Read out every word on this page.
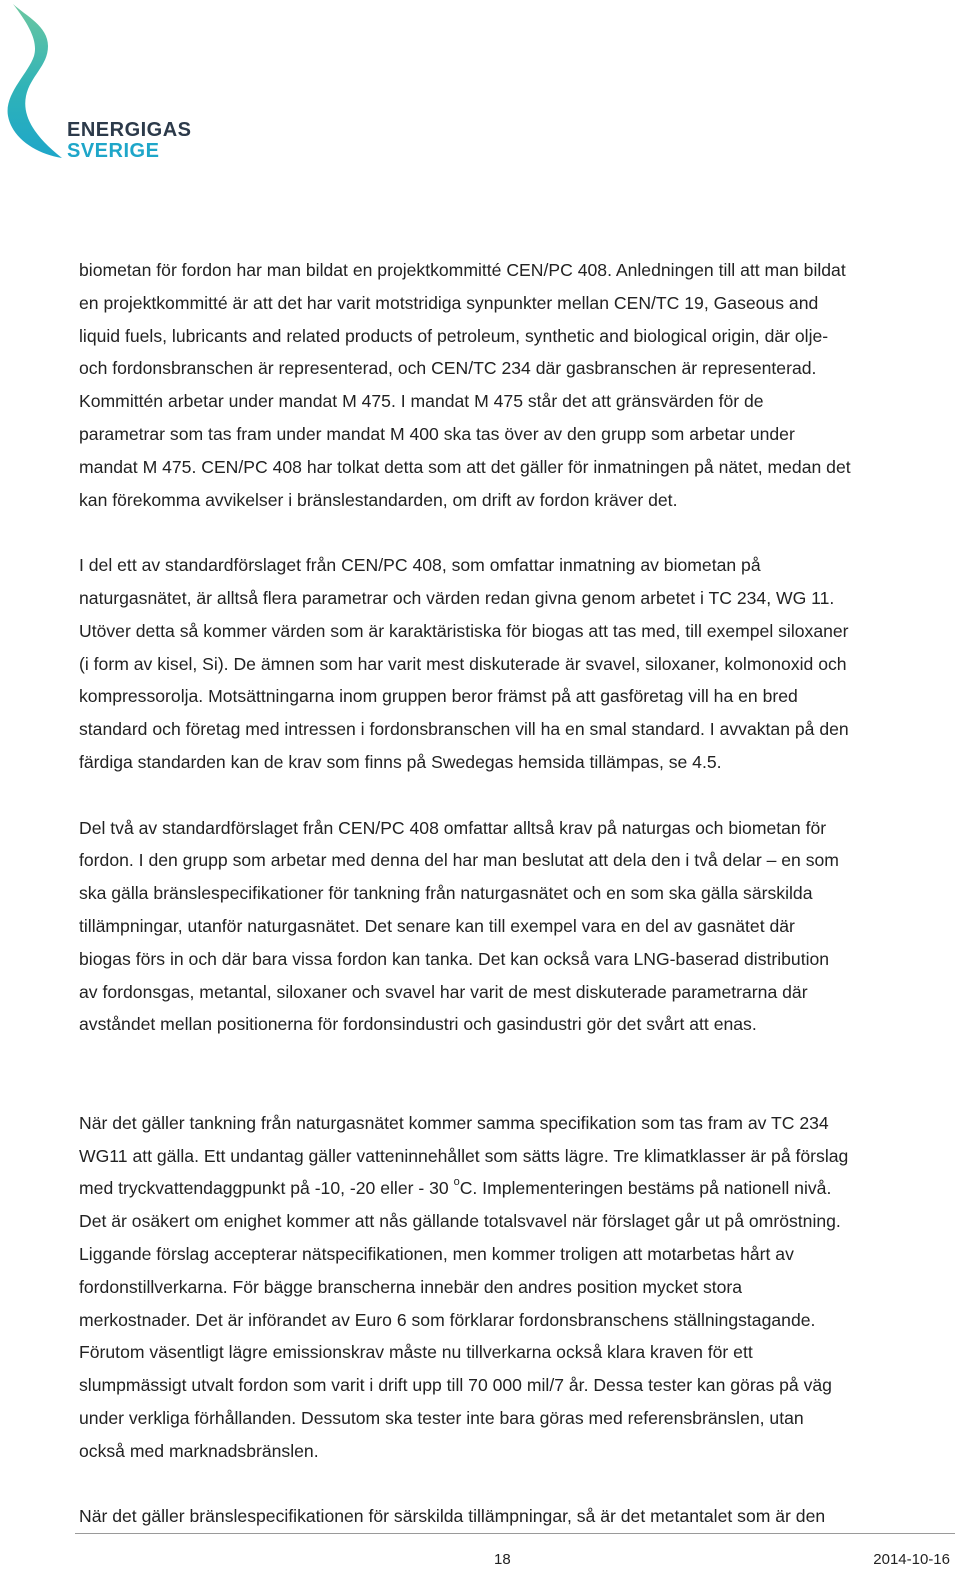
ENERGIGAS
SVERIGE

biometan för fordon har man bildat en projektkommitté CEN/PC 408. Anledningen till att man bildat
en projektkommitté är att det har varit motstridiga synpunkter mellan CEN/TC 19, Gaseous and
liquid fuels, lubricants and related products of petroleum, synthetic and biological origin, där olje-
och fordonsbranschen är representerad, och CEN/TC 234 där gasbranschen är representerad.
Kommittén arbetar under mandat M 475. I mandat M 475 står det att gränsvärden för de
parametrar som tas fram under mandat M 400 ska tas över av den grupp som arbetar under
mandat M 475. CEN/PC 408 har tolkat detta som att det gäller för inmatningen på nätet, medan det
kan förekomma avvikelser i bränslestandarden, om drift av fordon kräver det.

I del ett av standardförslaget från CEN/PC 408, som omfattar inmatning av biometan på
naturgasnätet, är alltså flera parametrar och värden redan givna genom arbetet i TC 234, WG 11.
Utöver detta så kommer värden som är karaktäristiska för biogas att tas med, till exempel siloxaner
(i form av kisel, Si). De ämnen som har varit mest diskuterade är svavel, siloxaner, kolmonoxid och
kompressorolja. Motsättningarna inom gruppen beror främst på att gasföretag vill ha en bred
standard och företag med intressen i fordonsbranschen vill ha en smal standard. I avvaktan på den
färdiga standarden kan de krav som finns på Swedegas hemsida tillämpas, se 4.5.

Del två av standardförslaget från CEN/PC 408 omfattar alltså krav på naturgas och biometan för
fordon. I den grupp som arbetar med denna del har man beslutat att dela den i två delar – en som
ska gälla bränslespecifikationer för tankning från naturgasnätet och en som ska gälla särskilda
tillämpningar, utanför naturgasnätet. Det senare kan till exempel vara en del av gasnätet där
biogas förs in och där bara vissa fordon kan tanka. Det kan också vara LNG-baserad distribution
av fordonsgas, metantal, siloxaner och svavel har varit de mest diskuterade parametrarna där
avståndet mellan positionerna för fordonsindustri och gasindustri gör det svårt att enas.

När det gäller tankning från naturgasnätet kommer samma specifikation som tas fram av TC 234
WG11 att gälla. Ett undantag gäller vatteninnehållet som sätts lägre. Tre klimatklasser är på förslag
med tryckvattendaggpunkt på -10, -20 eller - 30 $^o$C. Implementeringen bestäms på nationell nivå.
Det är osäkert om enighet kommer att nås gällande totalsvavel när förslaget går ut på omröstning.
Liggande förslag accepterar nätspecifikationen, men kommer troligen att motarbetas hårt av
fordonstillverkarna. För bägge branscherna innebär den andres position mycket stora
merkostnader. Det är införandet av Euro 6 som förklarar fordonsbranschens ställningstagande.
Förutom väsentligt lägre emissionskrav måste nu tillverkarna också klara kraven för ett
slumpmässigt utvalt fordon som varit i drift upp till 70 000 mil/7 år. Dessa tester kan göras på väg
under verkliga förhållanden. Dessutom ska tester inte bara göras med referensbränslen, utan
också med marknadsbränslen.

När det gäller bränslespecifikationen för särskilda tillämpningar, så är det metantalet som är den

18	2014-10-16
